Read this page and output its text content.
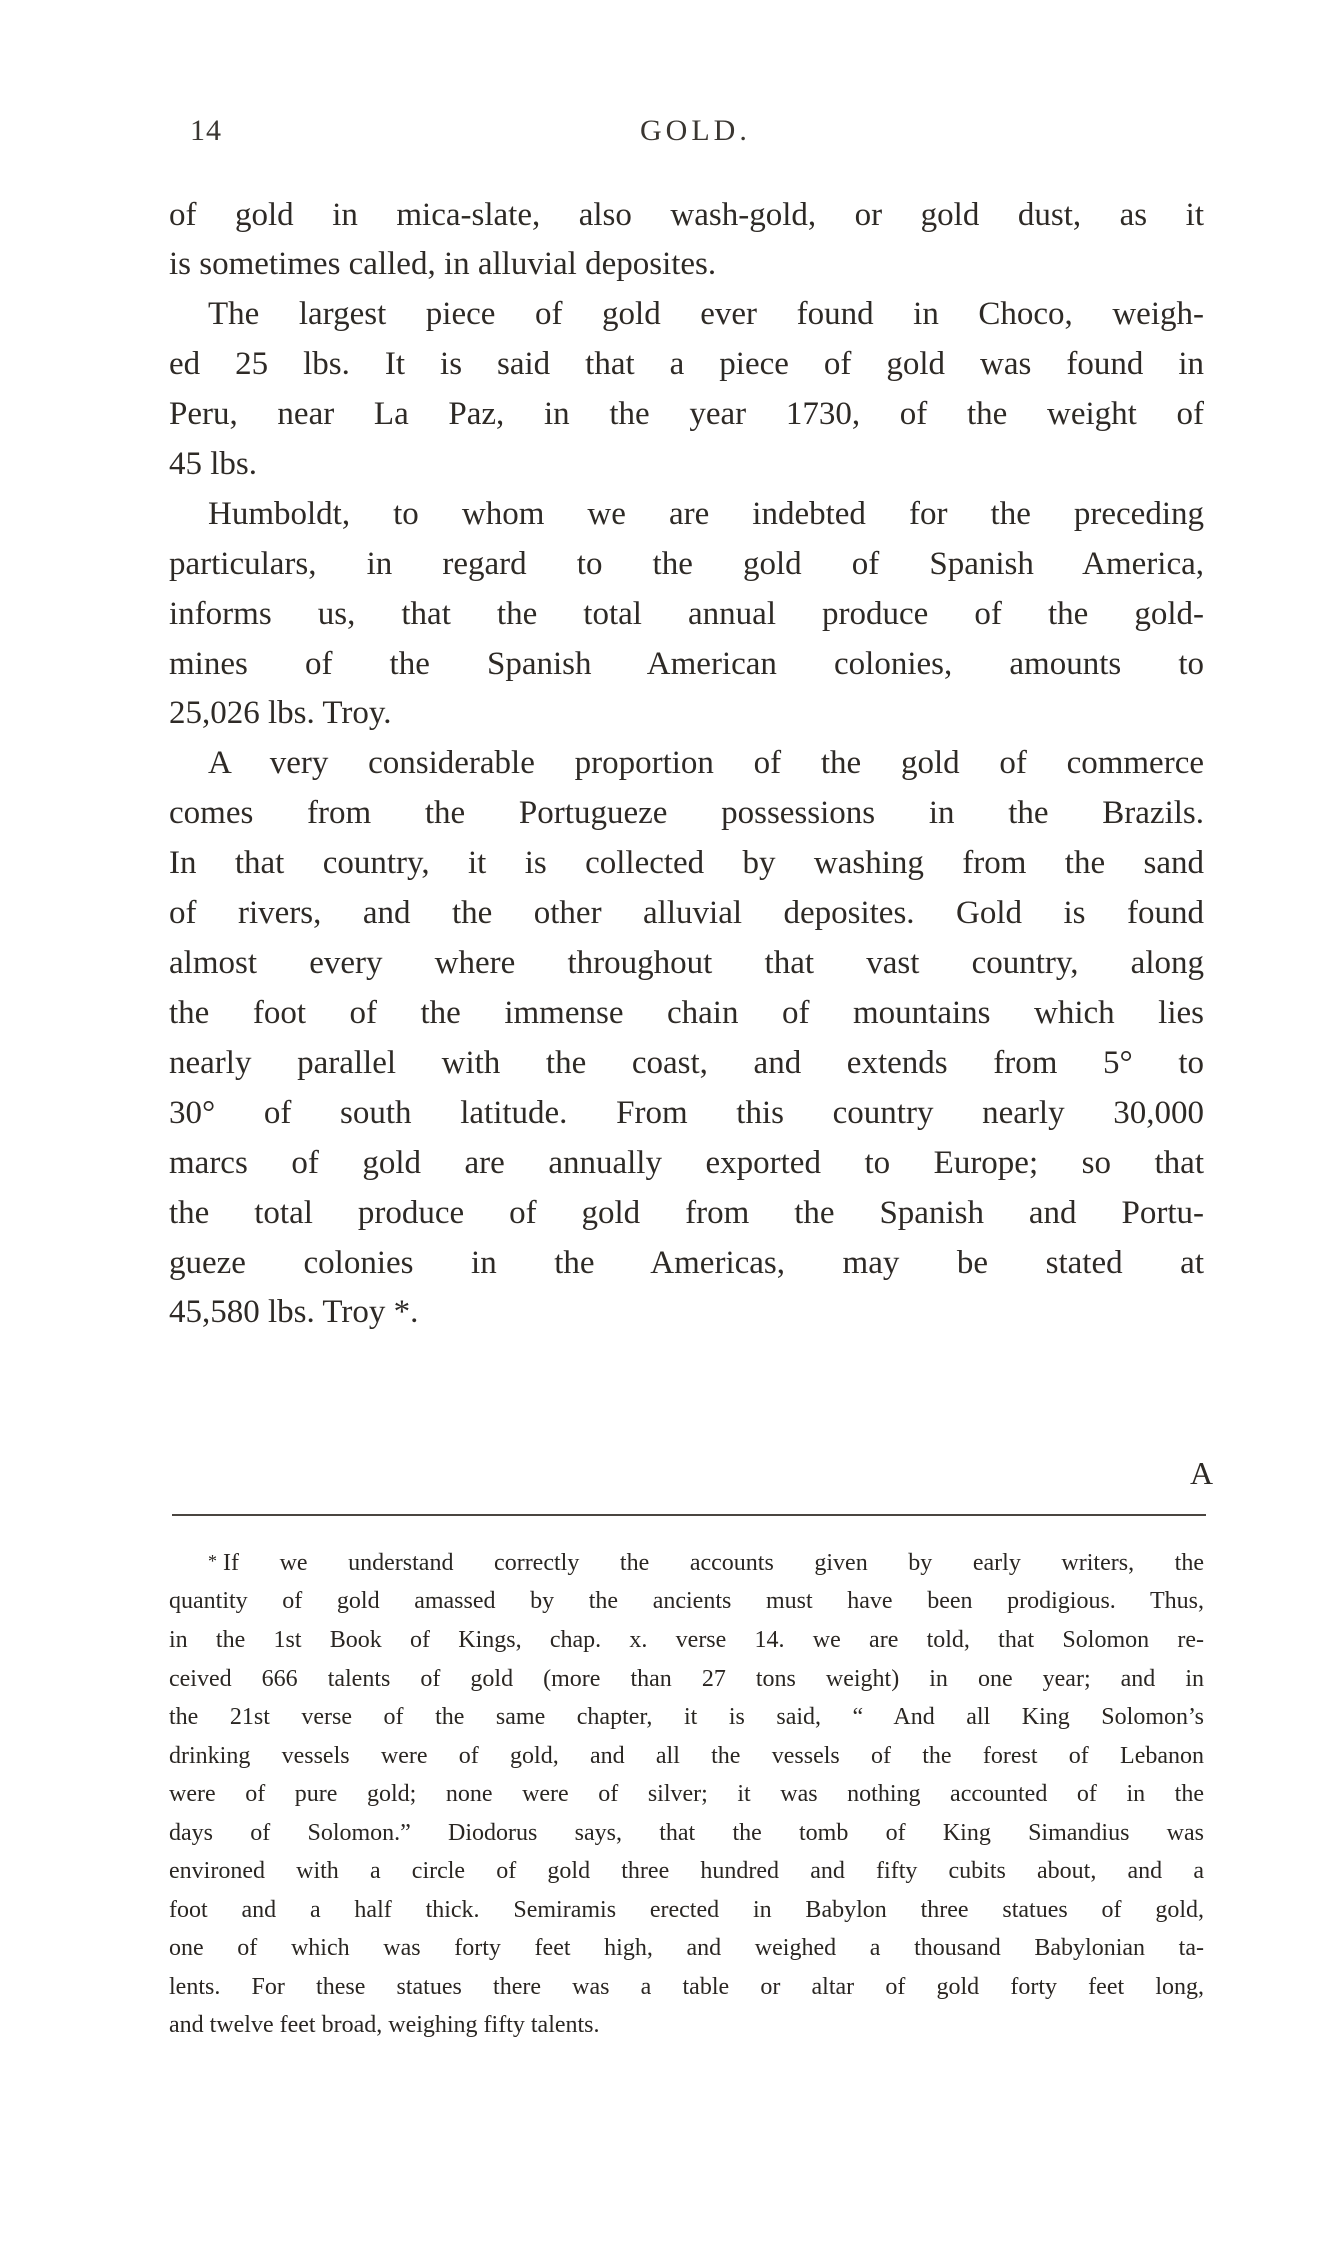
14	GOLD.
of gold in mica-slate, also wash-gold, or gold dust, as it
is sometimes called, in alluvial deposites.
The largest piece of gold ever found in Choco, weigh-
ed 25 lbs. It is said that a piece of gold was found in
Peru, near La Paz, in the year 1730, of the weight of
45 lbs.
Humboldt, to whom we are indebted for the preceding
particulars, in regard to the gold of Spanish America,
informs us, that the total annual produce of the gold-
mines of the Spanish American colonies, amounts to
25,026 lbs. Troy.
A very considerable proportion of the gold of commerce
comes from the Portugueze possessions in the Brazils.
In that country, it is collected by washing from the sand
of rivers, and the other alluvial deposites. Gold is found
almost every where throughout that vast country, along
the foot of the immense chain of mountains which lies
nearly parallel with the coast, and extends from 5° to
30° of south latitude. From this country nearly 30,000
marcs of gold are annually exported to Europe; so that
the total produce of gold from the Spanish and Portu-
gueze colonies in the Americas, may be stated at
45,580 lbs. Troy *.
A
* If we understand correctly the accounts given by early writers, the
quantity of gold amassed by the ancients must have been prodigious. Thus,
in the 1st Book of Kings, chap. x. verse 14. we are told, that Solomon re-
ceived 666 talents of gold (more than 27 tons weight) in one year; and in
the 21st verse of the same chapter, it is said, “ And all King Solomon’s
drinking vessels were of gold, and all the vessels of the forest of Lebanon
were of pure gold; none were of silver; it was nothing accounted of in the
days of Solomon.” Diodorus says, that the tomb of King Simandius was
environed with a circle of gold three hundred and fifty cubits about, and a
foot and a half thick. Semiramis erected in Babylon three statues of gold,
one of which was forty feet high, and weighed a thousand Babylonian ta-
lents. For these statues there was a table or altar of gold forty feet long,
and twelve feet broad, weighing fifty talents.
